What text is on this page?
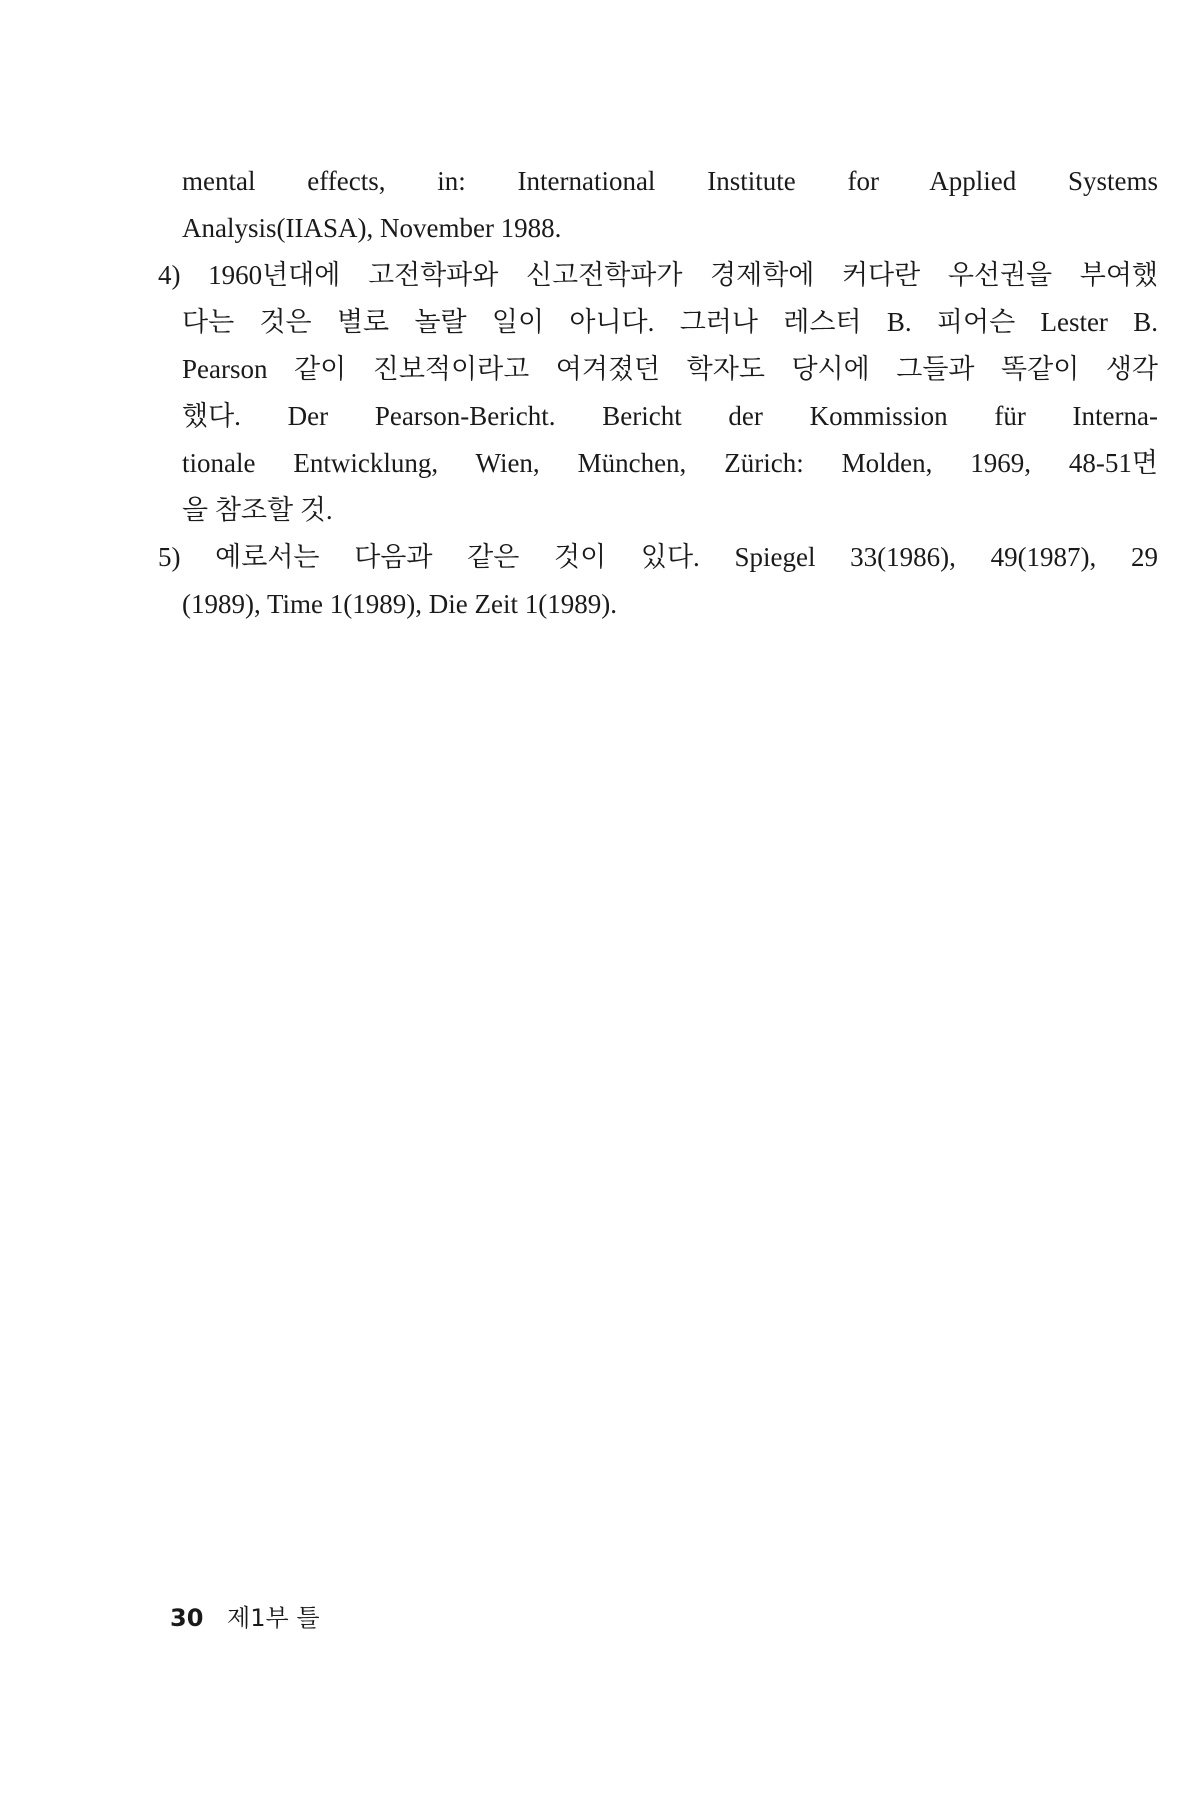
mental effects, in: International Institute for Applied Systems
Analysis(IIASA), November 1988.
4) 1960년대에 고전학파와 신고전학파가 경제학에 커다란 우선권을 부여했
다는 것은 별로 놀랄 일이 아니다. 그러나 레스터 B. 피어슨 Lester B.
Pearson 같이 진보적이라고 여겨졌던 학자도 당시에 그들과 똑같이 생각
했다. Der Pearson-Bericht. Bericht der Kommission für Interna-
tionale Entwicklung, Wien, München, Zürich: Molden, 1969, 48-51면
을 참조할 것.
5) 예로서는 다음과 같은 것이 있다. Spiegel 33(1986), 49(1987), 29
(1989), Time 1(1989), Die Zeit 1(1989).
30 제1부 틀
